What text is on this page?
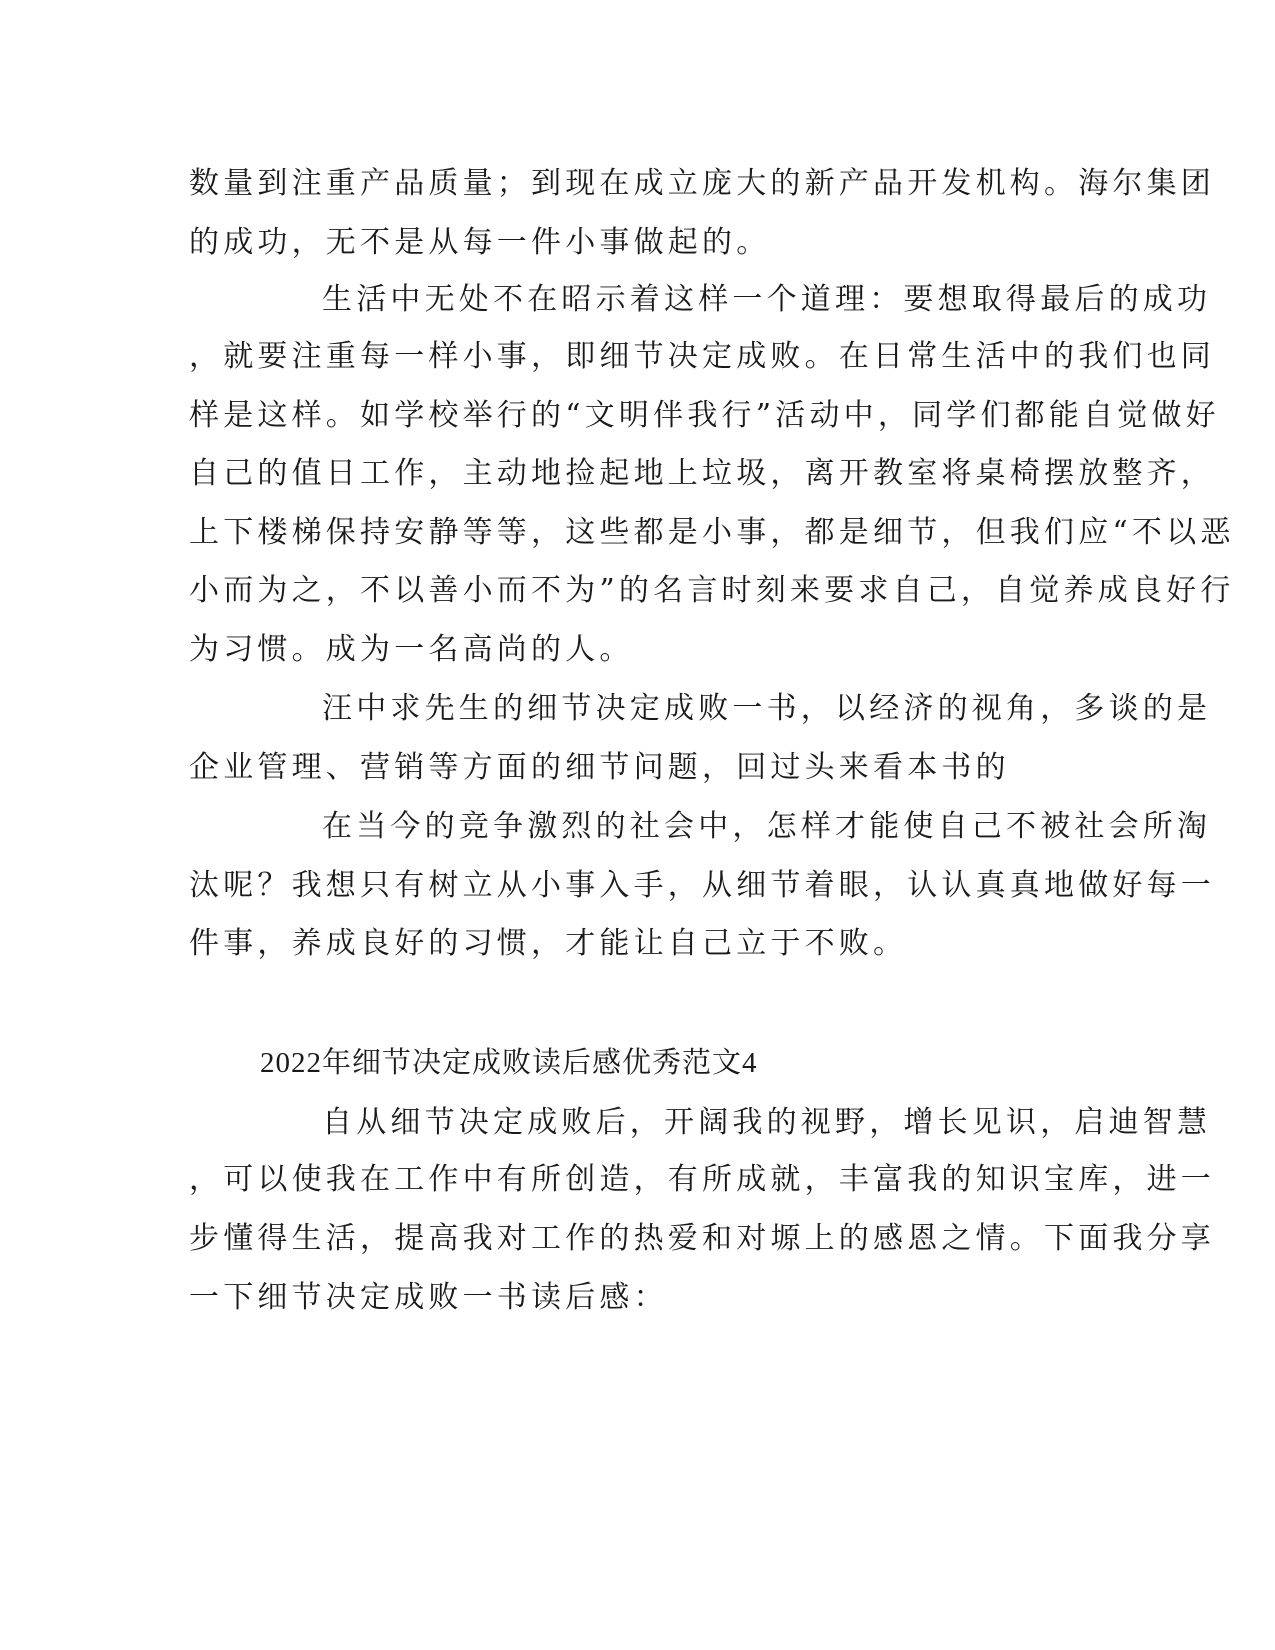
数量到注重产品质量；到现在成立庞大的新产品开发机构。海尔集团
的成功，无不是从每一件小事做起的。
生活中无处不在昭示着这样一个道理：要想取得最后的成功
，就要注重每一样小事，即细节决定成败。在日常生活中的我们也同
样是这样。如学校举行的“文明伴我行”活动中，同学们都能自觉做好
自己的值日工作，主动地捡起地上垃圾，离开教室将桌椅摆放整齐，
上下楼梯保持安静等等，这些都是小事，都是细节，但我们应“不以恶
小而为之，不以善小而不为”的名言时刻来要求自己，自觉养成良好行
为习惯。成为一名高尚的人。
汪中求先生的细节决定成败一书，以经济的视角，多谈的是
企业管理、营销等方面的细节问题，回过头来看本书的
在当今的竞争激烈的社会中，怎样才能使自己不被社会所淘
汰呢？我想只有树立从小事入手，从细节着眼，认认真真地做好每一
件事，养成良好的习惯，才能让自己立于不败。
2022年细节决定成败读后感优秀范文4
自从细节决定成败后，开阔我的视野，增长见识，启迪智慧
，可以使我在工作中有所创造，有所成就，丰富我的知识宝库，进一
步懂得生活，提高我对工作的热爱和对塬上的感恩之情。下面我分享
一下细节决定成败一书读后感：
